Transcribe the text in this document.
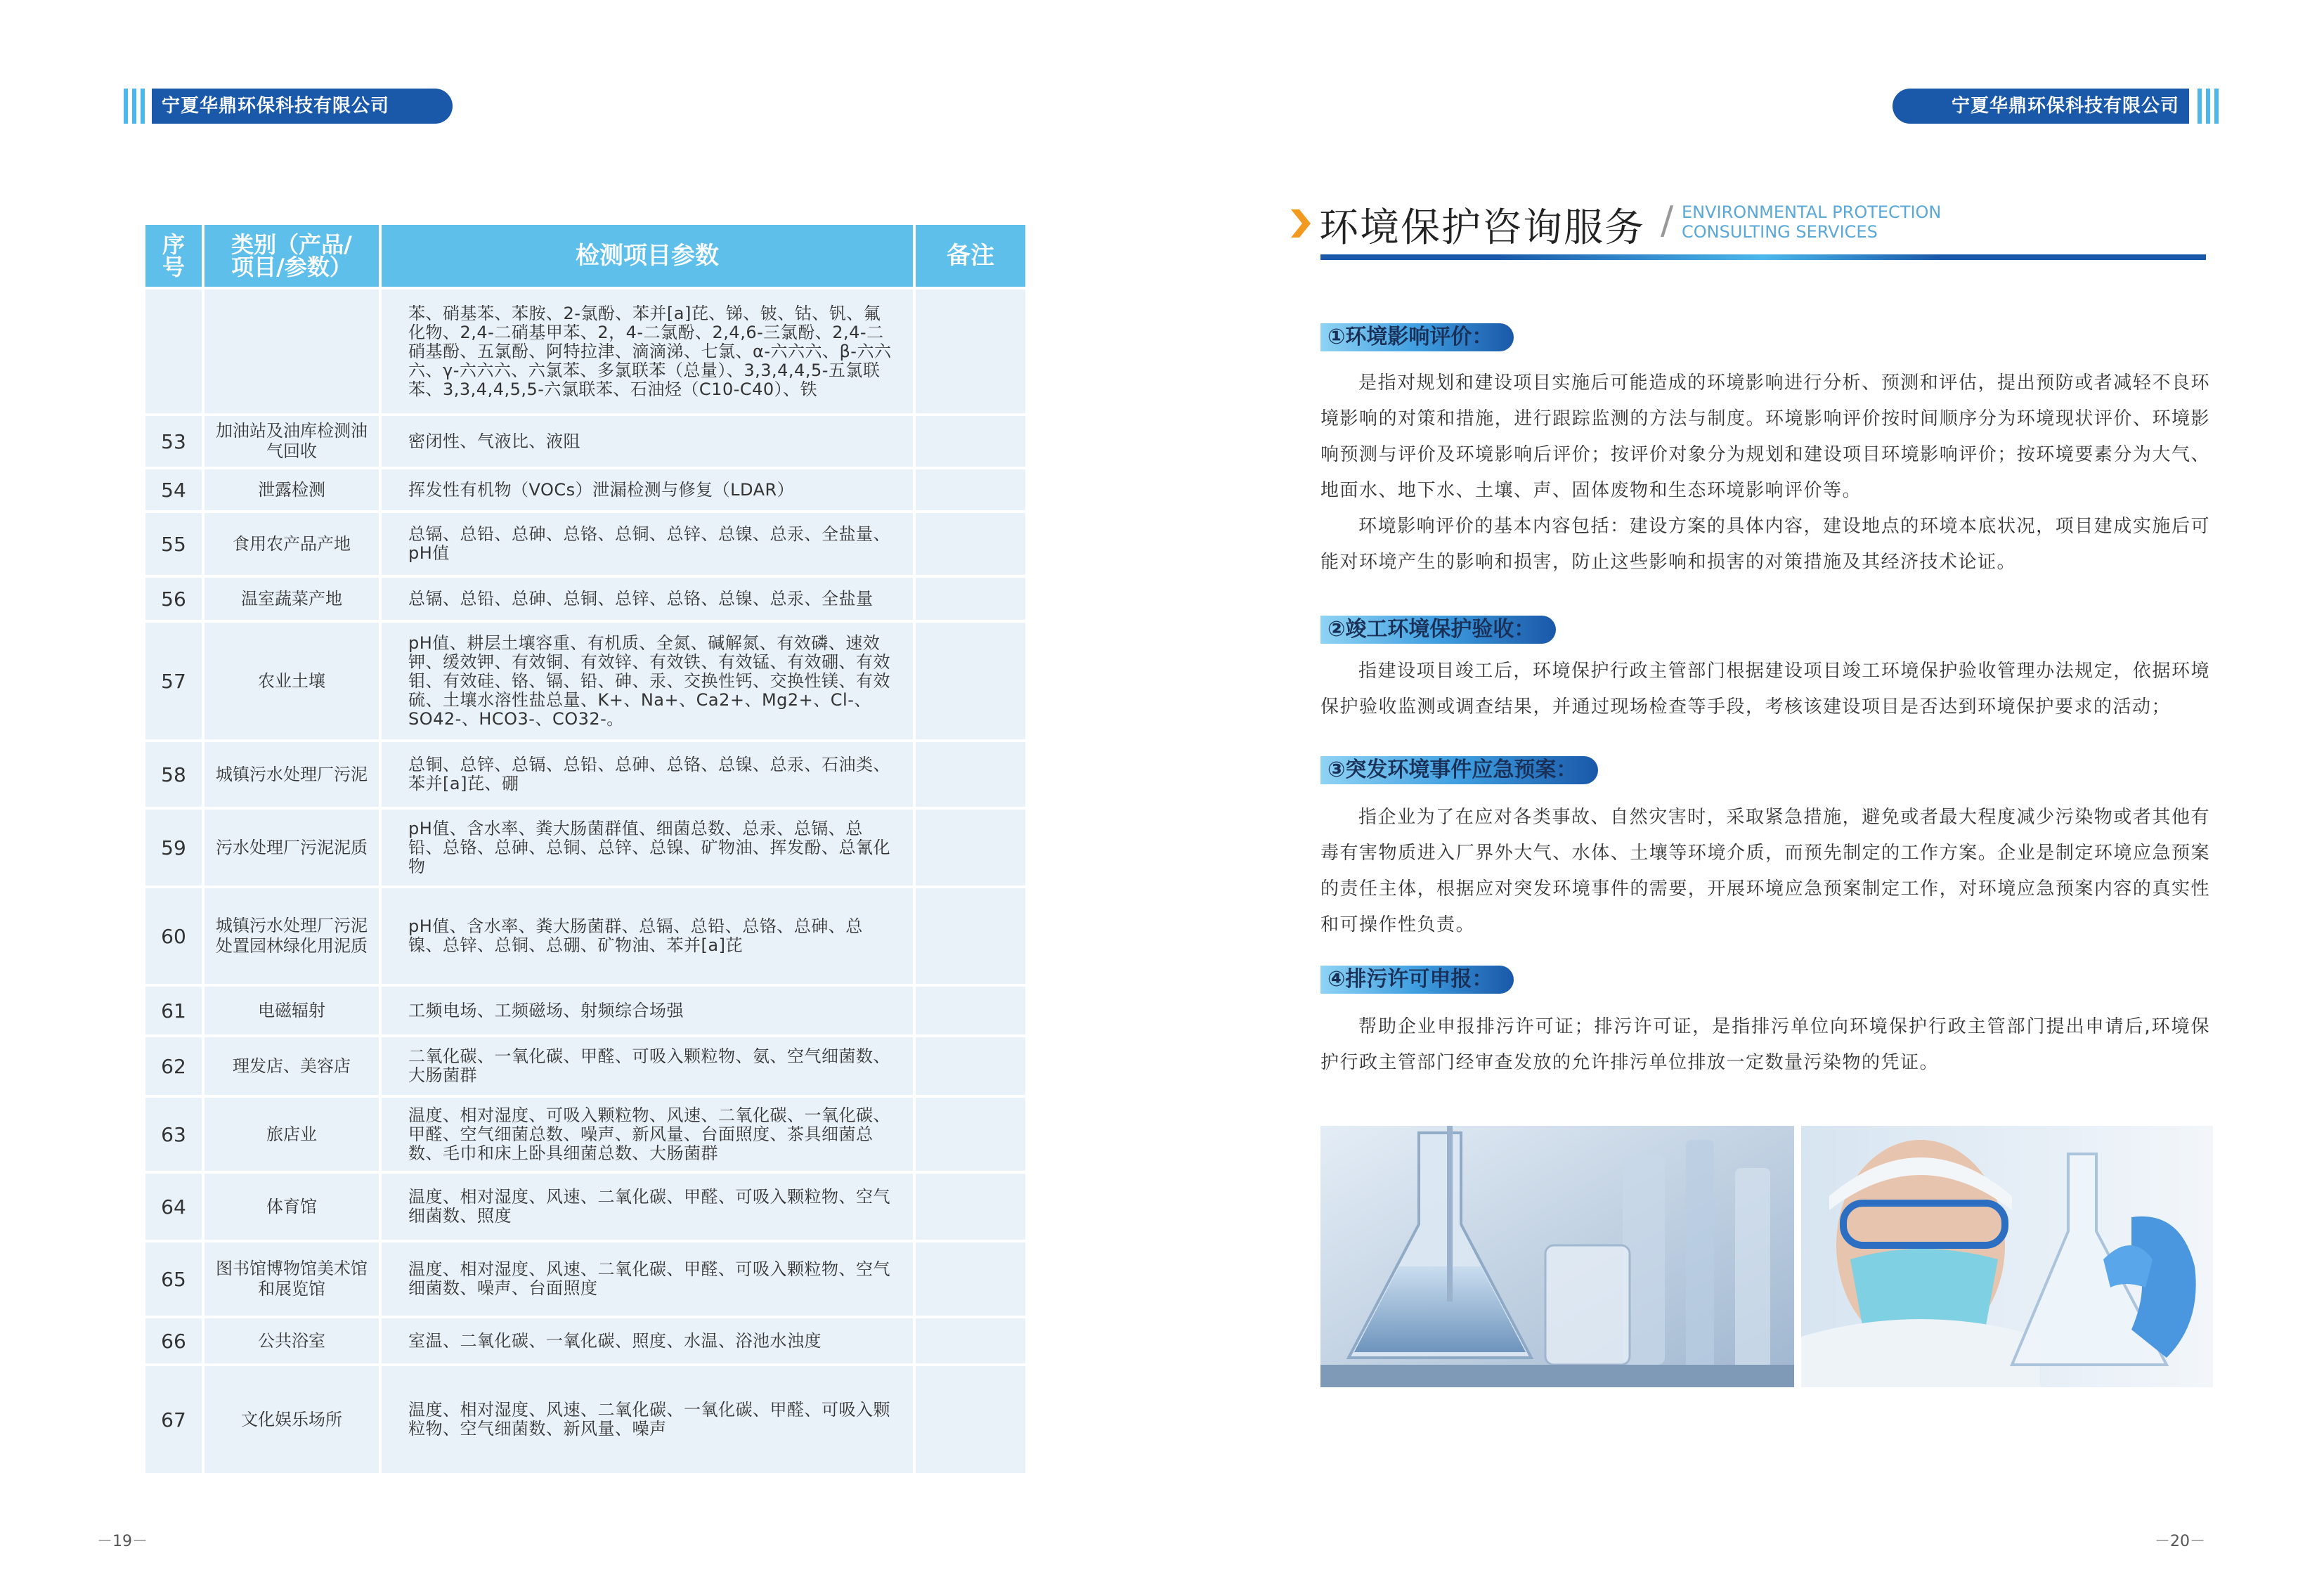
宁夏华鼎环保科技有限公司
序号	类别（产品/项目/参数）	检测项目参数	备注
		苯、硝基苯、苯胺、2-氯酚、苯并[a]芘、锑、铍、钴、钒、氟化物、2,4-二硝基甲苯、2，4-二氯酚、2,4,6-三氯酚、2,4-二硝基酚、五氯酚、阿特拉津、滴滴涕、七氯、α-六六六、β-六六六、γ-六六六、六氯苯、多氯联苯（总量）、3,3,4,4,5-五氯联苯、3,3,4,4,5,5-六氯联苯、石油烃（C10-C40）、铁	
53	加油站及油库检测油气回收	密闭性、气液比、液阻	
54	泄露检测	挥发性有机物（VOCs）泄漏检测与修复（LDAR）	
55	食用农产品产地	总镉、总铅、总砷、总铬、总铜、总锌、总镍、总汞、全盐量、pH值	
56	温室蔬菜产地	总镉、总铅、总砷、总铜、总锌、总铬、总镍、总汞、全盐量	
57	农业土壤	pH值、耕层土壤容重、有机质、全氮、碱解氮、有效磷、速效钾、缓效钾、有效铜、有效锌、有效铁、有效锰、有效硼、有效钼、有效硅、铬、镉、铅、砷、汞、交换性钙、交换性镁、有效硫、土壤水溶性盐总量、K+、Na+、Ca2+、Mg2+、Cl-、SO42-、HCO3-、CO32-。	
58	城镇污水处理厂污泥	总铜、总锌、总镉、总铅、总砷、总铬、总镍、总汞、石油类、苯并[a]芘、硼	
59	污水处理厂污泥泥质	pH值、含水率、粪大肠菌群值、细菌总数、总汞、总镉、总铅、总铬、总砷、总铜、总锌、总镍、矿物油、挥发酚、总氰化物	
60	城镇污水处理厂污泥处置园林绿化用泥质	pH值、含水率、粪大肠菌群、总镉、总铅、总铬、总砷、总镍、总锌、总铜、总硼、矿物油、苯并[a]芘	
61	电磁辐射	工频电场、工频磁场、射频综合场强	
62	理发店、美容店	二氧化碳、一氧化碳、甲醛、可吸入颗粒物、氨、空气细菌数、大肠菌群	
63	旅店业	温度、相对湿度、可吸入颗粒物、风速、二氧化碳、一氧化碳、甲醛、空气细菌总数、噪声、新风量、台面照度、茶具细菌总数、毛巾和床上卧具细菌总数、大肠菌群	
64	体育馆	温度、相对湿度、风速、二氧化碳、甲醛、可吸入颗粒物、空气细菌数、照度	
65	图书馆博物馆美术馆和展览馆	温度、相对湿度、风速、二氧化碳、甲醛、可吸入颗粒物、空气细菌数、噪声、台面照度	
66	公共浴室	室温、二氧化碳、一氧化碳、照度、水温、浴池水浊度	
67	文化娱乐场所	温度、相对湿度、风速、二氧化碳、一氧化碳、甲醛、可吸入颗粒物、空气细菌数、新风量、噪声	
－19－
宁夏华鼎环保科技有限公司
环境保护咨询服务 / ENVIRONMENTAL PROTECTION
CONSULTING SERVICES
①环境影响评价：

是指对规划和建设项目实施后可能造成的环境影响进行分析、预测和评估，提出预防或者减轻不良环境影响的对策和措施，进行跟踪监测的方法与制度。环境影响评价按时间顺序分为环境现状评价、环境影响预测与评价及环境影响后评价；按评价对象分为规划和建设项目环境影响评价；按环境要素分为大气、地面水、地下水、土壤、声、固体废物和生态环境影响评价等。

环境影响评价的基本内容包括：建设方案的具体内容，建设地点的环境本底状况，项目建成实施后可能对环境产生的影响和损害，防止这些影响和损害的对策措施及其经济技术论证。

②竣工环境保护验收：

指建设项目竣工后，环境保护行政主管部门根据建设项目竣工环境保护验收管理办法规定，依据环境保护验收监测或调查结果，并通过现场检查等手段，考核该建设项目是否达到环境保护要求的活动；

③突发环境事件应急预案：

指企业为了在应对各类事故、自然灾害时，采取紧急措施，避免或者最大程度减少污染物或者其他有毒有害物质进入厂界外大气、水体、土壤等环境介质，而预先制定的工作方案。企业是制定环境应急预案的责任主体，根据应对突发环境事件的需要，开展环境应急预案制定工作，对环境应急预案内容的真实性和可操作性负责。

④排污许可申报：

帮助企业申报排污许可证；排污许可证，是指排污单位向环境保护行政主管部门提出申请后,环境保护行政主管部门经审查发放的允许排污单位排放一定数量污染物的凭证。

－20－
